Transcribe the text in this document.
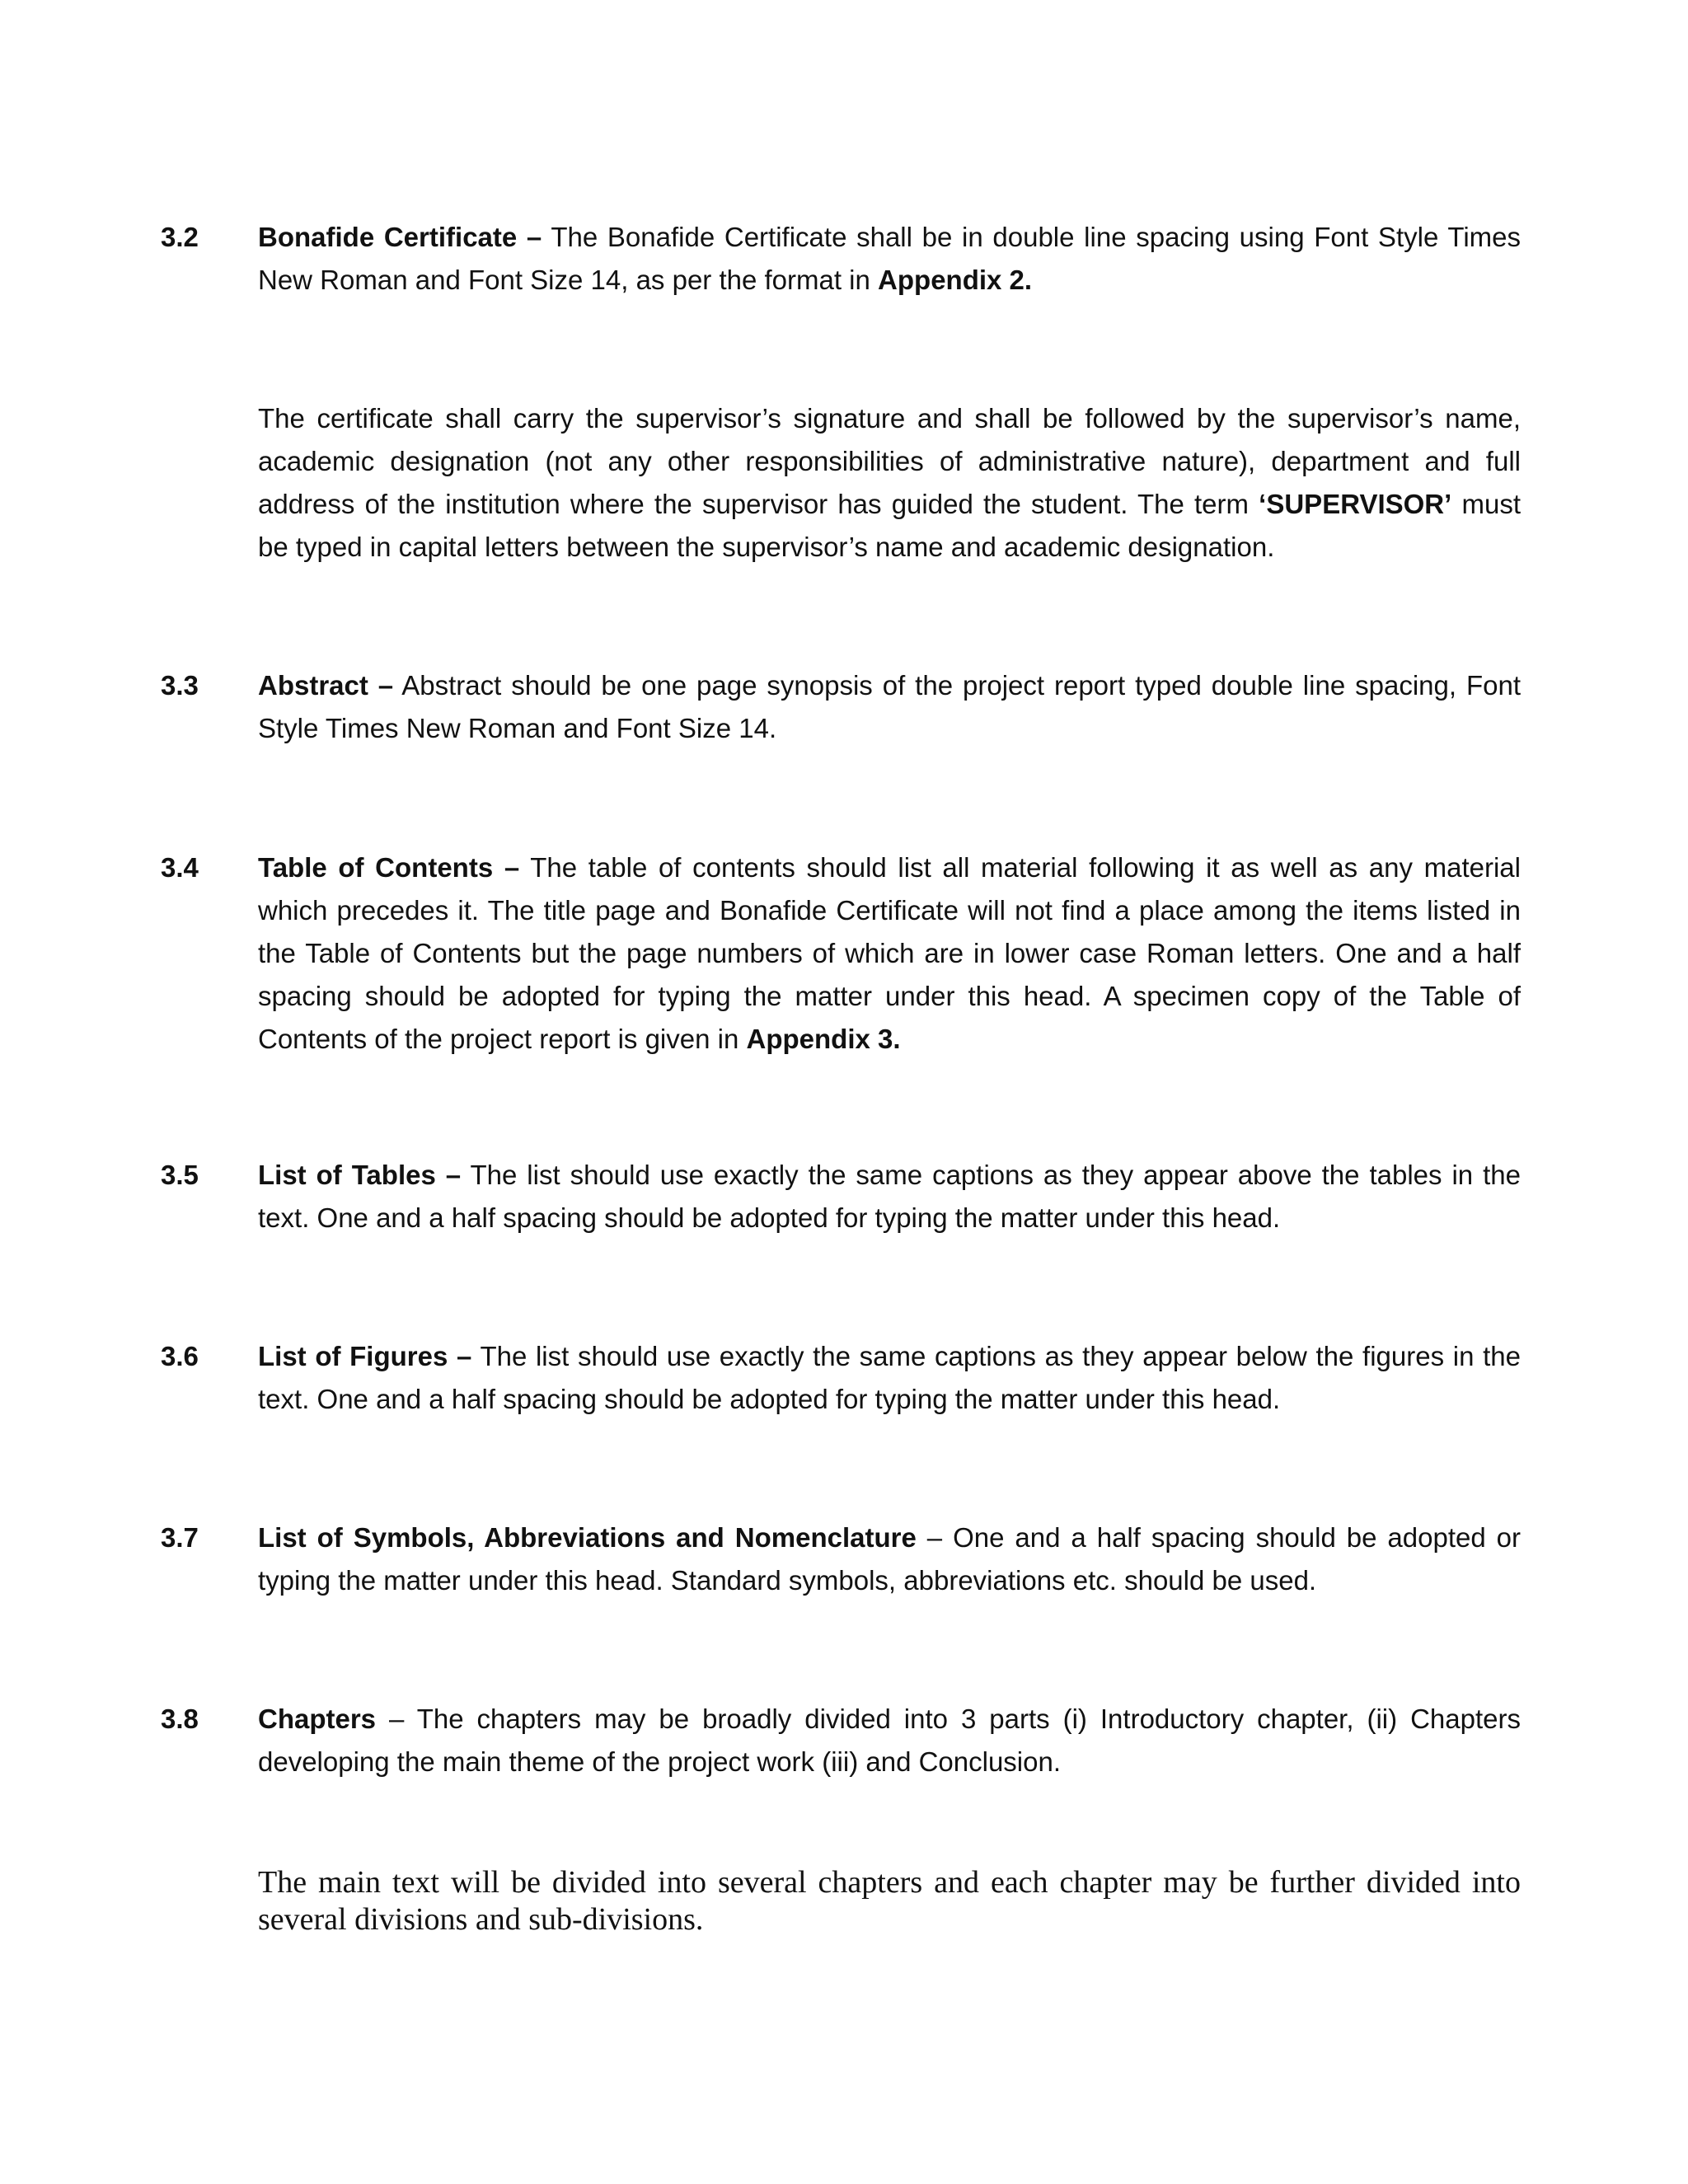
3.2	Bonafide Certificate – The Bonafide Certificate shall be in double line spacing using Font Style Times New Roman and Font Size 14, as per the format in Appendix 2.
The certificate shall carry the supervisor’s signature and shall be followed by the supervisor’s name, academic designation (not any other responsibilities of administrative nature), department and full address of the institution where the supervisor has guided the student. The term ‘SUPERVISOR’ must be typed in capital letters between the supervisor’s name and academic designation.
3.3	Abstract – Abstract should be one page synopsis of the project report typed double line spacing, Font Style Times New Roman and Font Size 14.
3.4	Table of Contents – The table of contents should list all material following it as well as any material which precedes it. The title page and Bonafide Certificate will not find a place among the items listed in the Table of Contents but the page numbers of which are in lower case Roman letters. One and a half spacing should be adopted for typing the matter under this head. A specimen copy of the Table of Contents of the project report is given in Appendix 3.
3.5	List of Tables – The list should use exactly the same captions as they appear above the tables in the text. One and a half spacing should be adopted for typing the matter under this head.
3.6	List of Figures – The list should use exactly the same captions as they appear below the figures in the text. One and a half spacing should be adopted for typing the matter under this head.
3.7	List of Symbols, Abbreviations and Nomenclature – One and a half spacing should be adopted or typing the matter under this head. Standard symbols, abbreviations etc. should be used.
3.8	Chapters – The chapters may be broadly divided into 3 parts (i) Introductory chapter, (ii) Chapters developing the main theme of the project work (iii) and Conclusion.
The main text will be divided into several chapters and each chapter may be further divided into several divisions and sub-divisions.
